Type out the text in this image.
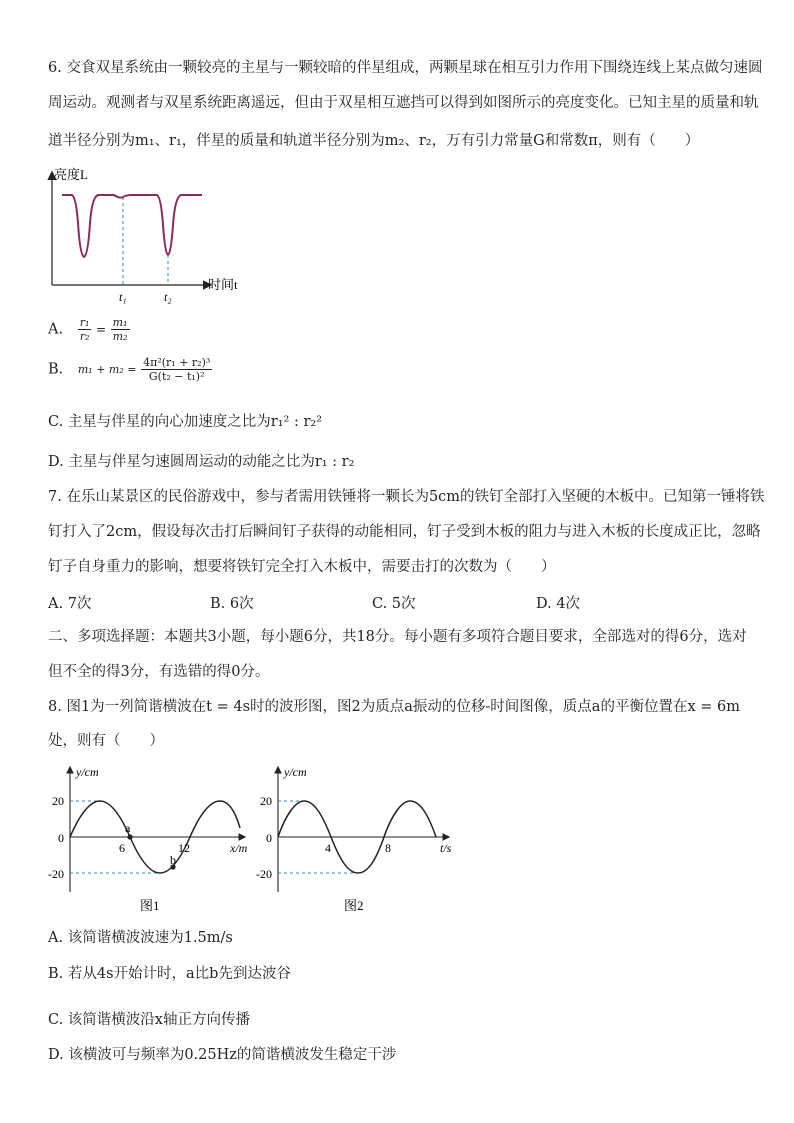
6. 交食双星系统由一颗较亮的主星与一颗较暗的伴星组成，两颗星球在相互引力作用下围绕连线上某点做匀速圆
周运动。观测者与双星系统距离遥远，但由于双星相互遮挡可以得到如图所示的亮度变化。已知主星的质量和轨
道半径分别为m₁、r₁，伴星的质量和轨道半径分别为m₂、r₂，万有引力常量G和常数π，则有（　　）
亮度L
时间t
t₁	t₂
A. $\frac{\text{r₁}}{\text{r₂}} = \frac{\text{m₁}}{\text{m₂}}$
B. $m_1 + m_2 = \frac{\text{4π²(r₁ + r₂)³}}{\text{G(t₂ − t₁)²}}$
C. 主星与伴星的向心加速度之比为r₁² : r₂²
D. 主星与伴星匀速圆周运动的动能之比为r₁ : r₂
7. 在乐山某景区的民俗游戏中，参与者需用铁锤将一颗长为5cm的铁钉全部打入坚硬的木板中。已知第一锤将铁
钉打入了2cm，假设每次击打后瞬间钉子获得的动能相同，钉子受到木板的阻力与进入木板的长度成正比，忽略
钉子自身重力的影响，想要将铁钉完全打入木板中，需要击打的次数为（　　）
A. 7次	B. 6次	C. 5次	D. 4次
二、多项选择题：本题共3小题，每小题6分，共18分。每小题有多项符合题目要求，全部选对的得6分，选对
但不全的得3分，有选错的得0分。
8. 图1为一列简谐横波在t = 4s时的波形图，图2为质点a振动的位移-时间图像，质点a的平衡位置在x = 6m
处，则有（　　）
y/cm
x/m
20
0
-20
a
b
6	12
图1
y/cm
t/s
20
0
-20
4	8
图2
A. 该简谐横波波速为1.5m/s
B. 若从4s开始计时，a比b先到达波谷
C. 该简谐横波沿x轴正方向传播
D. 该横波可与频率为0.25Hz的简谐横波发生稳定干涉
